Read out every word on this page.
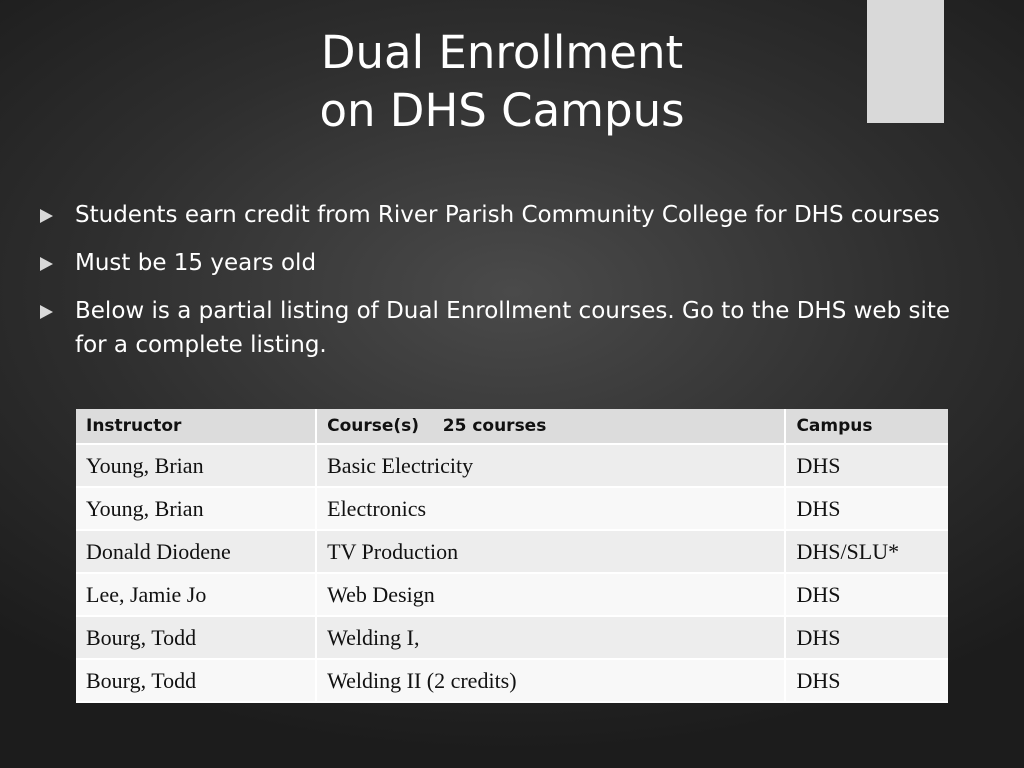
Dual Enrollment
on DHS Campus
Students earn credit from River Parish Community College for DHS courses
Must be 15 years old
Below is a partial listing of Dual Enrollment courses. Go to the DHS web site for a complete listing.
Instructor	Course(s)    25 courses	Campus
Young, Brian	Basic Electricity	DHS
Young, Brian	Electronics	DHS
Donald Diodene	TV Production	DHS/SLU*
Lee, Jamie Jo	Web Design	DHS
Bourg, Todd	Welding I,	DHS
Bourg, Todd	Welding II (2 credits)	DHS
